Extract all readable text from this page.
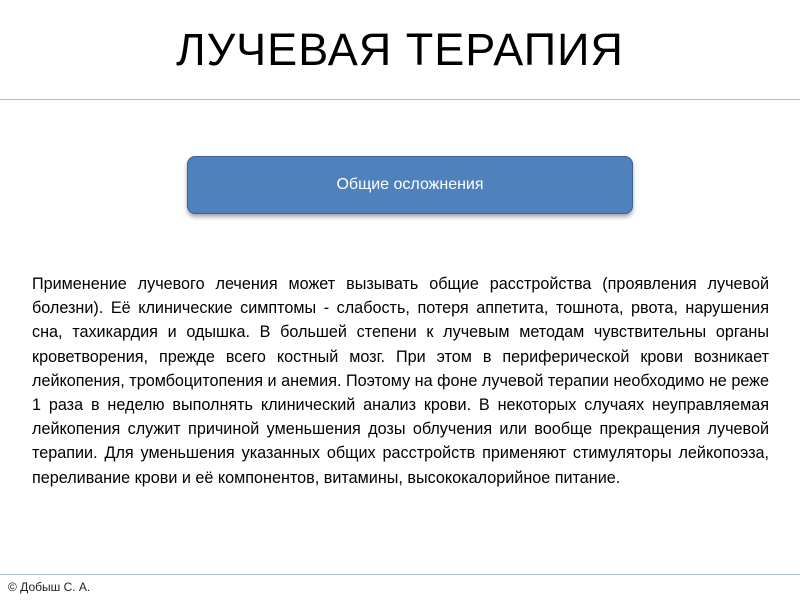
ЛУЧЕВАЯ ТЕРАПИЯ
Общие осложнения

Применение лучевого лечения может вызывать общие расстройства (проявления лучевой болезни). Её клинические симптомы - слабость, потеря аппетита, тошнота, рвота, нарушения сна, тахикардия и одышка. В большей степени к лучевым методам чувствительны органы кроветворения, прежде всего костный мозг. При этом в периферической крови возникает лейкопения, тромбоцитопения и анемия. Поэтому на фоне лучевой терапии необходимо не реже 1 раза в неделю выполнять клинический анализ крови. В некоторых случаях неуправляемая лейкопения служит причиной уменьшения дозы облучения или вообще прекращения лучевой терапии. Для уменьшения указанных общих расстройств применяют стимуляторы лейкопоэза, переливание крови и её компонентов, витамины, высококалорийное питание.

© Добыш С. А.
